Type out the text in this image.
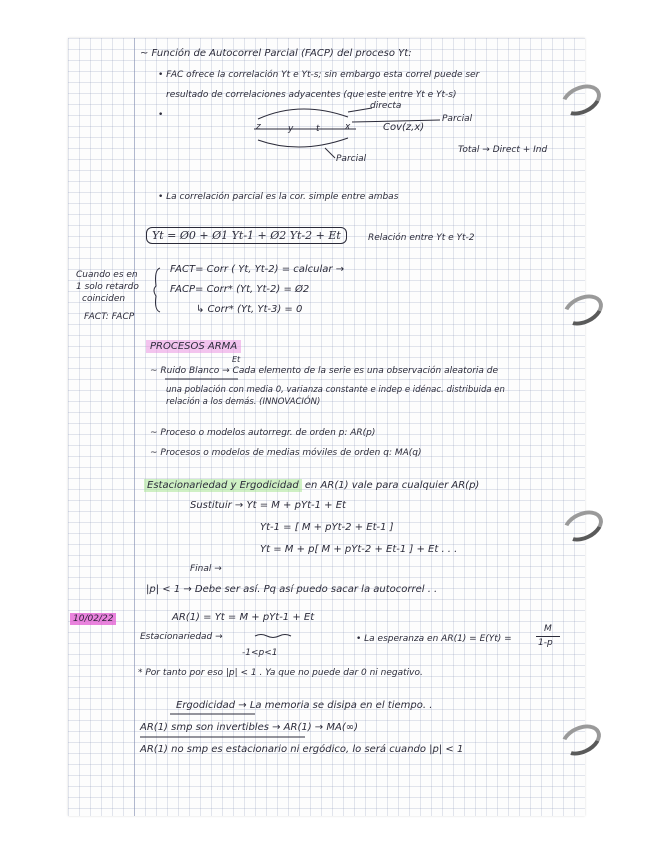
~ Función de Autocorrel Parcial (FACP) del proceso Yt:
• FAC ofrece la correlación Yt e Yt-s; sin embargo esta correl puede ser
resultado de correlaciones adyacentes (que este entre Yt e Yt-s)
•
directa
Parcial
Cov(z,x)
z	y	t	x
Total → Direct + Ind
Parcial
• La correlación parcial es la cor. simple entre ambas
Yt = Ø0 + Ø1 Yt-1 + Ø2 Yt-2 + Et	Relación entre Yt e Yt-2
Cuando es en
1 solo retardo
coinciden
FACT: FACP
FACT= Corr ( Yt, Yt-2) = calcular →
FACP= Corr* (Yt, Yt-2) = Ø2
↳ Corr* (Yt, Yt-3) = 0
PROCESOS ARMA
Et
~ Ruido Blanco → Cada elemento de la serie es una observación aleatoria de
una población con media 0, varianza constante e indep e idénac. distribuida en
relación a los demás. (INNOVACIÓN)
~ Proceso o modelos autorregr. de orden p: AR(p)
~ Procesos o modelos de medias móviles de orden q: MA(q)
Estacionariedad y Ergodicidad en AR(1) vale para cualquier AR(p)
Sustituir → Yt = M + pYt-1 + Et
Yt-1 = [ M + pYt-2 + Et-1 ]
Yt = M + p[ M + pYt-2 + Et-1 ] + Et . . .
Final →
|p| < 1 → Debe ser así. Pq así puedo sacar la autocorrel . .
10/02/22	AR(1) = Yt = M + pYt-1 + Et
Estacionariedad →
-1<p<1
• La esperanza en AR(1) = E(Yt) =
M
1-p
* Por tanto por eso |p| < 1 . Ya que no puede dar 0 ni negativo.
Ergodicidad → La memoria se disipa en el tiempo. .
AR(1) smp son invertibles → AR(1) → MA(∞)
AR(1) no smp es estacionario ni ergódico, lo será cuando |p| < 1
